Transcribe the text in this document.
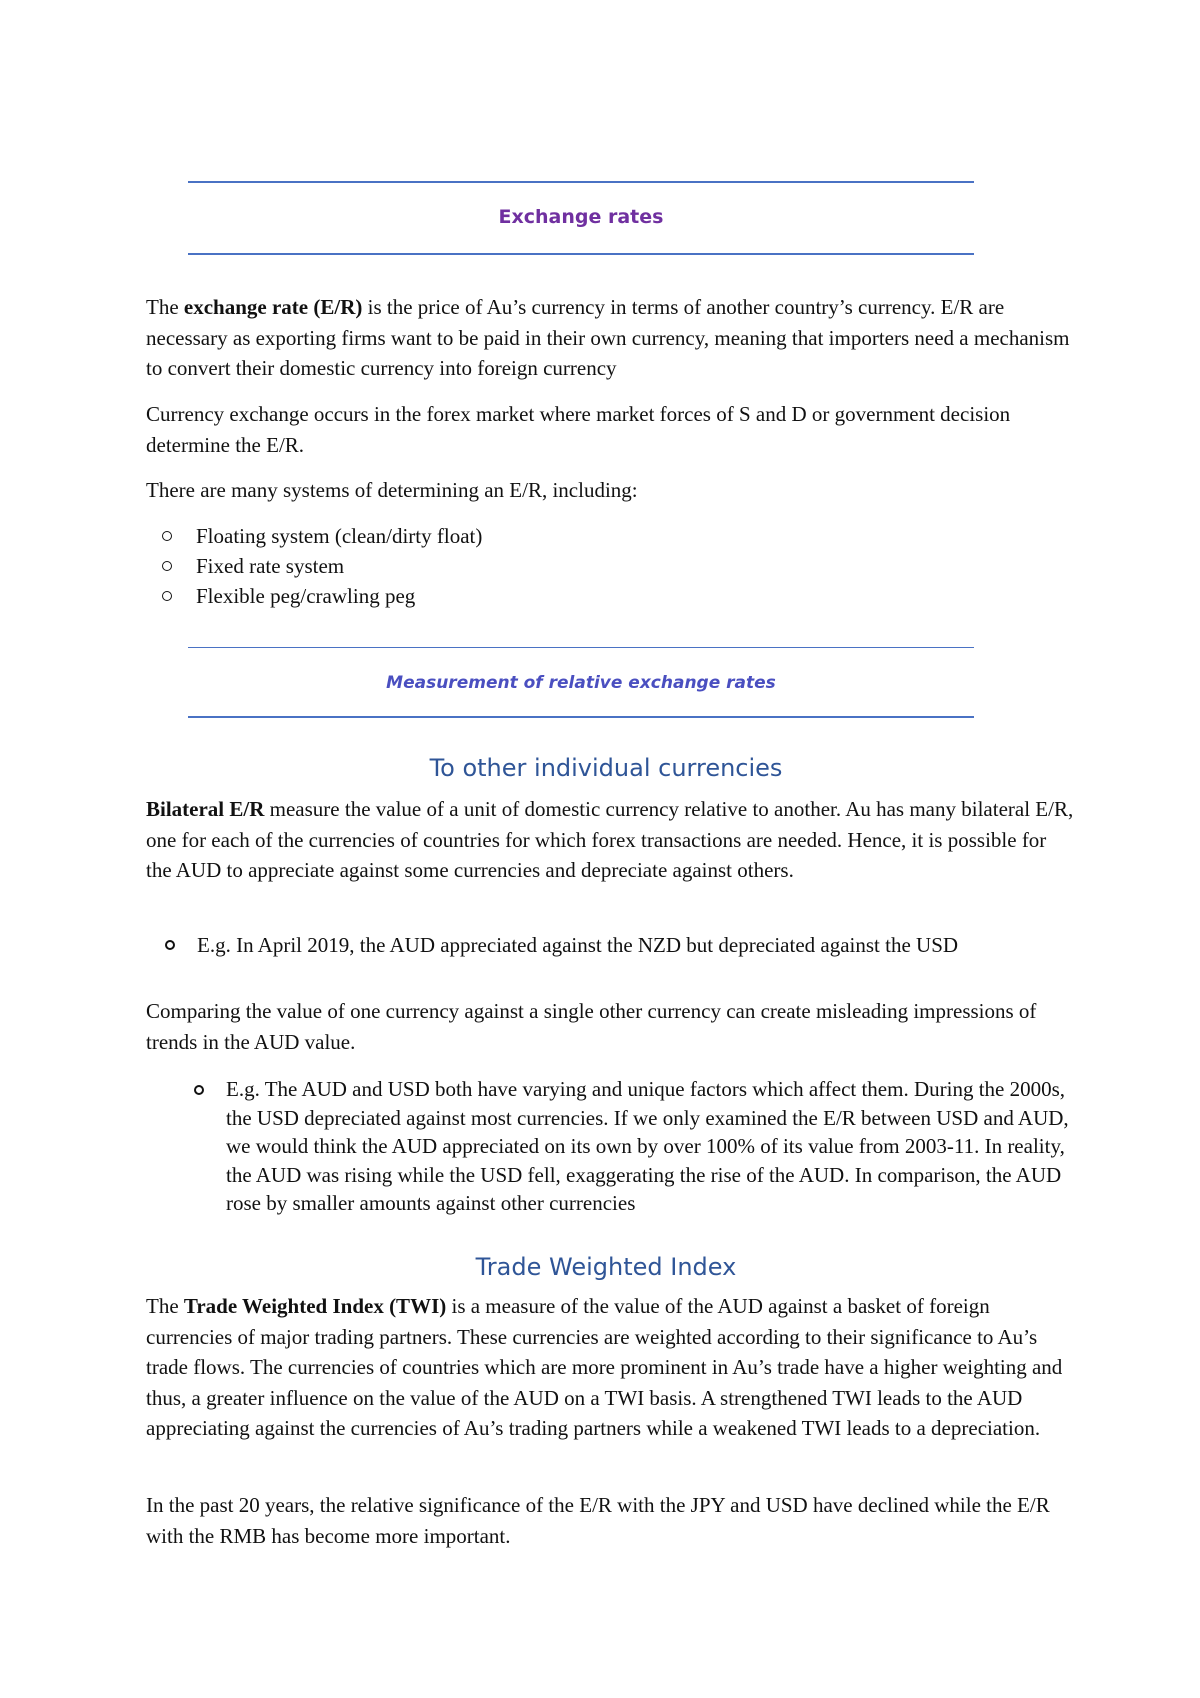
Exchange rates

The exchange rate (E/R) is the price of Au’s currency in terms of another country’s currency. E/R are necessary as exporting firms want to be paid in their own currency, meaning that importers need a mechanism to convert their domestic currency into foreign currency

Currency exchange occurs in the forex market where market forces of S and D or government decision determine the E/R.

There are many systems of determining an E/R, including:

Floating system (clean/dirty float)
Fixed rate system
Flexible peg/crawling peg
Measurement of relative exchange rates
To other individual currencies

Bilateral E/R measure the value of a unit of domestic currency relative to another. Au has many bilateral E/R, one for each of the currencies of countries for which forex transactions are needed. Hence, it is possible for the AUD to appreciate against some currencies and depreciate against others.

E.g. In April 2019, the AUD appreciated against the NZD but depreciated against the USD

Comparing the value of one currency against a single other currency can create misleading impressions of trends in the AUD value.

E.g. The AUD and USD both have varying and unique factors which affect them. During the 2000s, the USD depreciated against most currencies. If we only examined the E/R between USD and AUD, we would think the AUD appreciated on its own by over 100% of its value from 2003-11. In reality, the AUD was rising while the USD fell, exaggerating the rise of the AUD. In comparison, the AUD rose by smaller amounts against other currencies
Trade Weighted Index

The Trade Weighted Index (TWI) is a measure of the value of the AUD against a basket of foreign currencies of major trading partners. These currencies are weighted according to their significance to Au’s trade flows. The currencies of countries which are more prominent in Au’s trade have a higher weighting and thus, a greater influence on the value of the AUD on a TWI basis. A strengthened TWI leads to the AUD appreciating against the currencies of Au’s trading partners while a weakened TWI leads to a depreciation.

In the past 20 years, the relative significance of the E/R with the JPY and USD have declined while the E/R with the RMB has become more important.
